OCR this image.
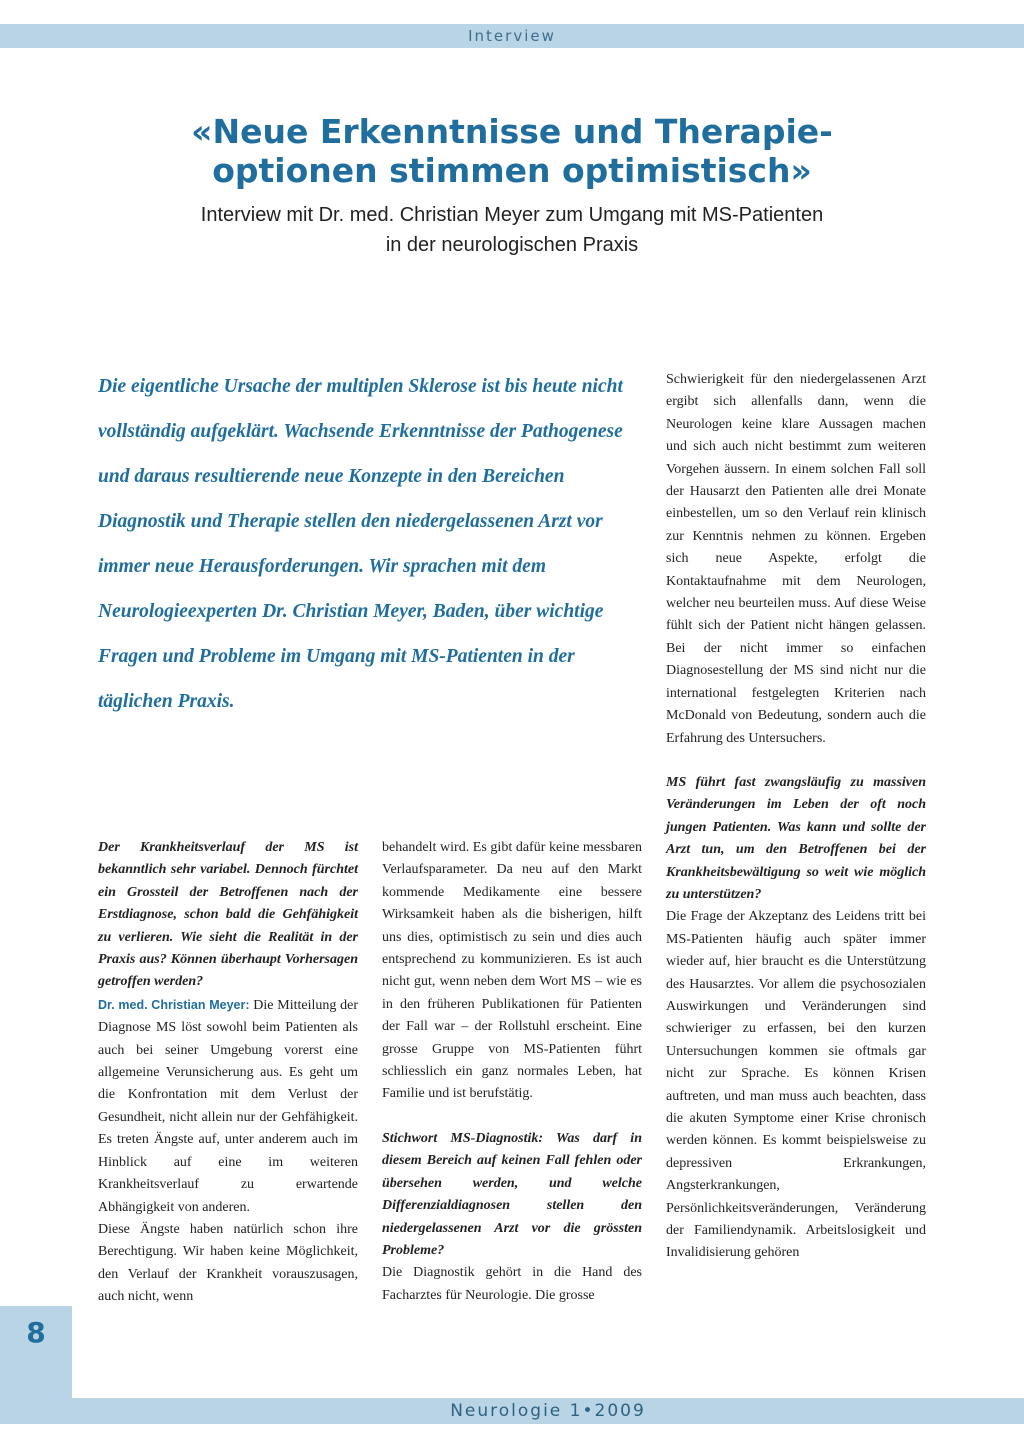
Interview
«Neue Erkenntnisse und Therapie-
optionen stimmen optimistisch»
Interview mit Dr. med. Christian Meyer zum Umgang mit MS-Patienten
in der neurologischen Praxis
Die eigentliche Ursache der multiplen Sklerose ist bis heute nicht vollständig aufgeklärt. Wachsende Erkenntnisse der Pathogenese und daraus resultierende neue Konzepte in den Bereichen Diagnostik und Therapie stellen den niedergelassenen Arzt vor immer neue Herausforderungen. Wir sprachen mit dem Neurologieexperten Dr. Christian Meyer, Baden, über wichtige Fragen und Probleme im Umgang mit MS-Patienten in der täglichen Praxis.

Schwierigkeit für den niedergelassenen Arzt ergibt sich allenfalls dann, wenn die Neurologen keine klare Aussagen machen und sich auch nicht bestimmt zum weiteren Vorgehen äussern. In einem solchen Fall soll der Hausarzt den Patienten alle drei Monate einbestellen, um so den Verlauf rein klinisch zur Kenntnis nehmen zu können. Ergeben sich neue Aspekte, erfolgt die Kontaktaufnahme mit dem Neurologen, welcher neu beurteilen muss. Auf diese Weise fühlt sich der Patient nicht hängen gelassen. Bei der nicht immer so einfachen Diagnosestellung der MS sind nicht nur die international festgelegten Kriterien nach McDonald von Bedeutung, sondern auch die Erfahrung des Untersuchers.

MS führt fast zwangsläufig zu massiven Veränderungen im Leben der oft noch jungen Patienten. Was kann und sollte der Arzt tun, um den Betroffenen bei der Krankheitsbewältigung so weit wie möglich zu unterstützen?

Die Frage der Akzeptanz des Leidens tritt bei MS-Patienten häufig auch später immer wieder auf, hier braucht es die Unterstützung des Hausarztes. Vor allem die psychosozialen Auswirkungen und Veränderungen sind schwieriger zu erfassen, bei den kurzen Untersuchungen kommen sie oftmals gar nicht zur Sprache. Es können Krisen auftreten, und man muss auch beachten, dass die akuten Symptome einer Krise chronisch werden können. Es kommt beispielsweise zu depressiven Erkrankungen, Angsterkrankungen, Persönlichkeitsveränderungen, Veränderung der Familiendynamik. Arbeitslosigkeit und Invalidisierung gehören

Der Krankheitsverlauf der MS ist bekanntlich sehr variabel. Dennoch fürchtet ein Grossteil der Betroffenen nach der Erstdiagnose, schon bald die Gehfähigkeit zu verlieren. Wie sieht die Realität in der Praxis aus? Können überhaupt Vorhersagen getroffen werden?

Dr. med. Christian Meyer: Die Mitteilung der Diagnose MS löst sowohl beim Patienten als auch bei seiner Umgebung vorerst eine allgemeine Verunsicherung aus. Es geht um die Konfrontation mit dem Verlust der Gesundheit, nicht allein nur der Gehfähigkeit. Es treten Ängste auf, unter anderem auch im Hinblick auf eine im weiteren Krankheitsverlauf zu erwartende Abhängigkeit von anderen.

Diese Ängste haben natürlich schon ihre Berechtigung. Wir haben keine Möglichkeit, den Verlauf der Krankheit vorauszusagen, auch nicht, wenn

behandelt wird. Es gibt dafür keine messbaren Verlaufsparameter. Da neu auf den Markt kommende Medikamente eine bessere Wirksamkeit haben als die bisherigen, hilft uns dies, optimistisch zu sein und dies auch entsprechend zu kommunizieren. Es ist auch nicht gut, wenn neben dem Wort MS – wie es in den früheren Publikationen für Patienten der Fall war – der Rollstuhl erscheint. Eine grosse Gruppe von MS-Patienten führt schliesslich ein ganz normales Leben, hat Familie und ist berufstätig.

Stichwort MS-Diagnostik: Was darf in diesem Bereich auf keinen Fall fehlen oder übersehen werden, und welche Differenzialdiagnosen stellen den niedergelassenen Arzt vor die grössten Probleme?

Die Diagnostik gehört in die Hand des Facharztes für Neurologie. Die grosse

8
Neurologie 1•2009
